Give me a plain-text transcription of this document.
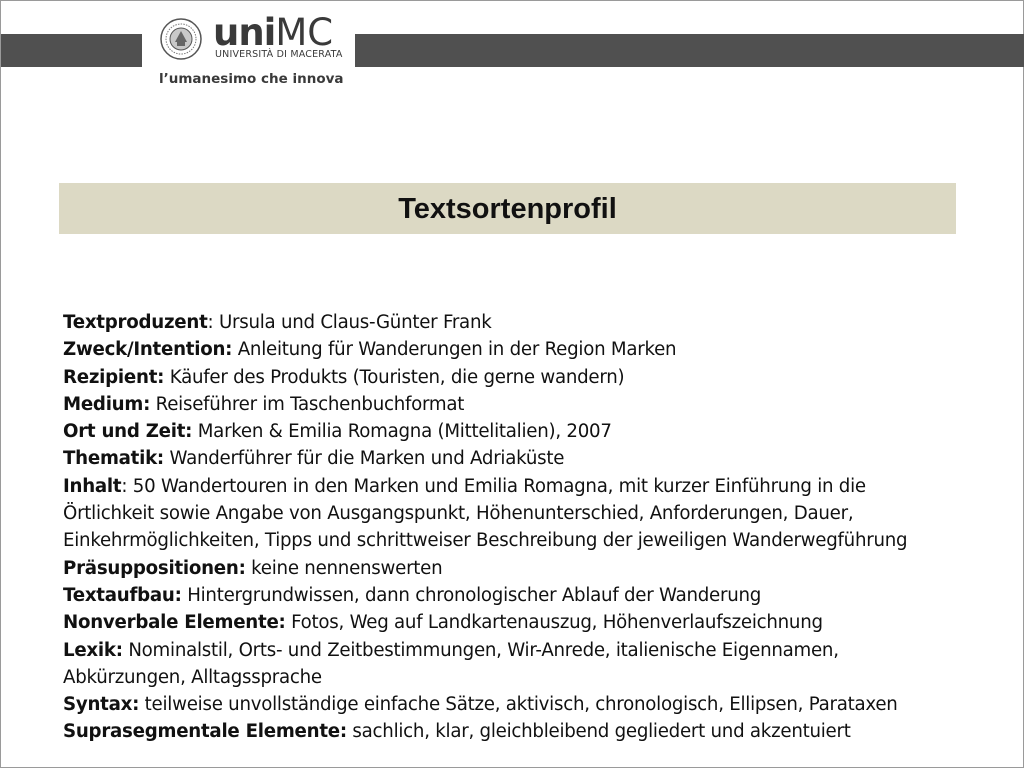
uniMC
UNIVERSITÀ DI MACERATA
l’umanesimo che innova
Textsortenprofil
Textproduzent: Ursula und Claus-Günter Frank
Zweck/Intention: Anleitung für Wanderungen in der Region Marken
Rezipient: Käufer des Produkts (Touristen, die gerne wandern)
Medium: Reiseführer im Taschenbuchformat
Ort und Zeit: Marken & Emilia Romagna (Mittelitalien), 2007
Thematik: Wanderführer für die Marken und Adriaküste
Inhalt: 50 Wandertouren in den Marken und Emilia Romagna, mit kurzer Einführung in die
Örtlichkeit sowie Angabe von Ausgangspunkt, Höhenunterschied, Anforderungen, Dauer,
Einkehrmöglichkeiten, Tipps und schrittweiser Beschreibung der jeweiligen Wanderwegführung
Präsuppositionen: keine nennenswerten
Textaufbau: Hintergrundwissen, dann chronologischer Ablauf der Wanderung
Nonverbale Elemente: Fotos, Weg auf Landkartenauszug, Höhenverlaufszeichnung
Lexik: Nominalstil, Orts- und Zeitbestimmungen, Wir-Anrede, italienische Eigennamen,
Abkürzungen, Alltagssprache
Syntax: teilweise unvollständige einfache Sätze, aktivisch, chronologisch, Ellipsen, Parataxen
Suprasegmentale Elemente: sachlich, klar, gleichbleibend gegliedert und akzentuiert
